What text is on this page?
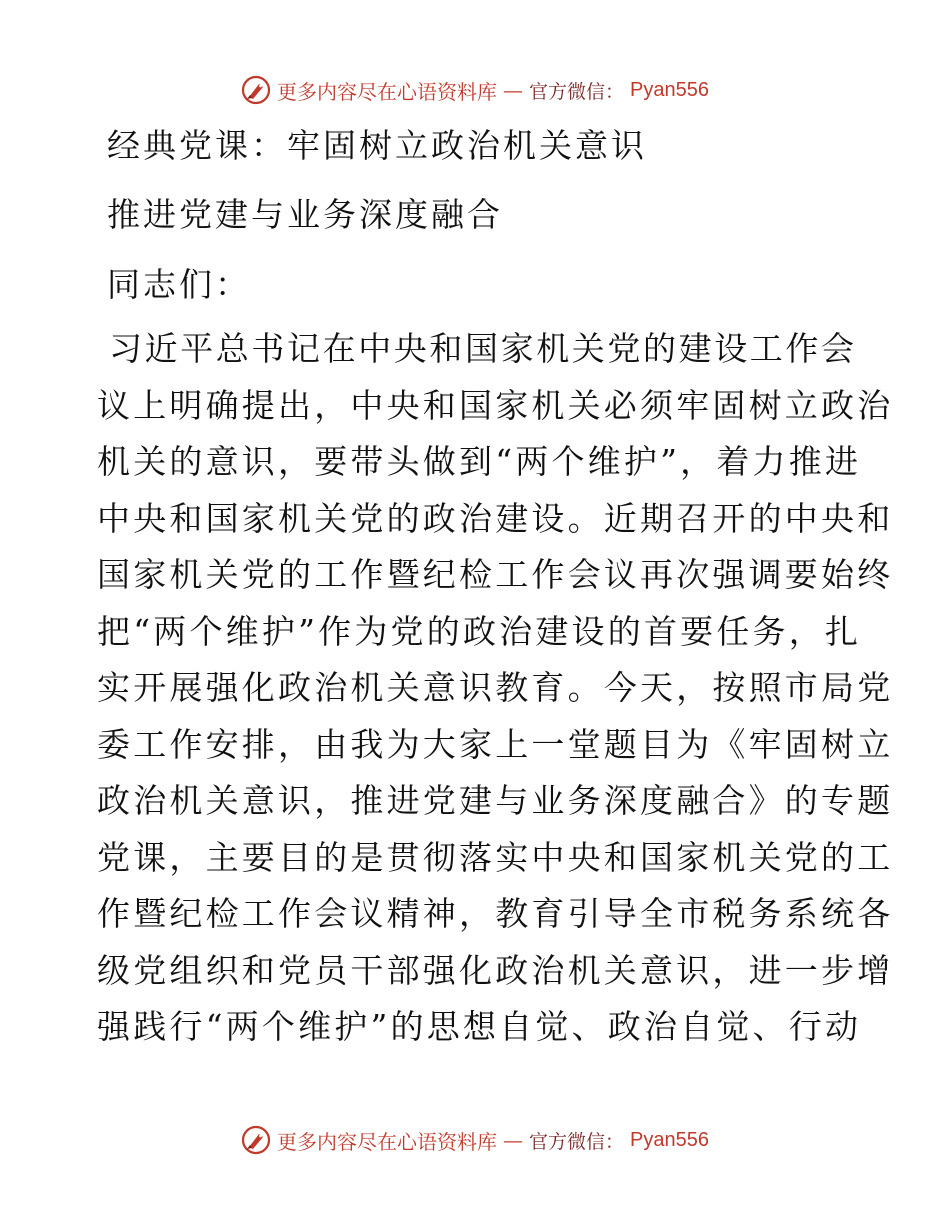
更多内容尽在心语资料库 — 官方微信： Pyan556
经典党课：牢固树立政治机关意识
推进党建与业务深度融合
同志们：
习近平总书记在中央和国家机关党的建设工作会
议上明确提出，中央和国家机关必须牢固树立政治
机关的意识，要带头做到“两个维护”，着力推进
中央和国家机关党的政治建设。近期召开的中央和
国家机关党的工作暨纪检工作会议再次强调要始终
把“两个维护”作为党的政治建设的首要任务，扎
实开展强化政治机关意识教育。今天，按照市局党
委工作安排，由我为大家上一堂题目为《牢固树立
政治机关意识，推进党建与业务深度融合》的专题
党课，主要目的是贯彻落实中央和国家机关党的工
作暨纪检工作会议精神，教育引导全市税务系统各
级党组织和党员干部强化政治机关意识，进一步增
强践行“两个维护”的思想自觉、政治自觉、行动
更多内容尽在心语资料库 — 官方微信： Pyan556
